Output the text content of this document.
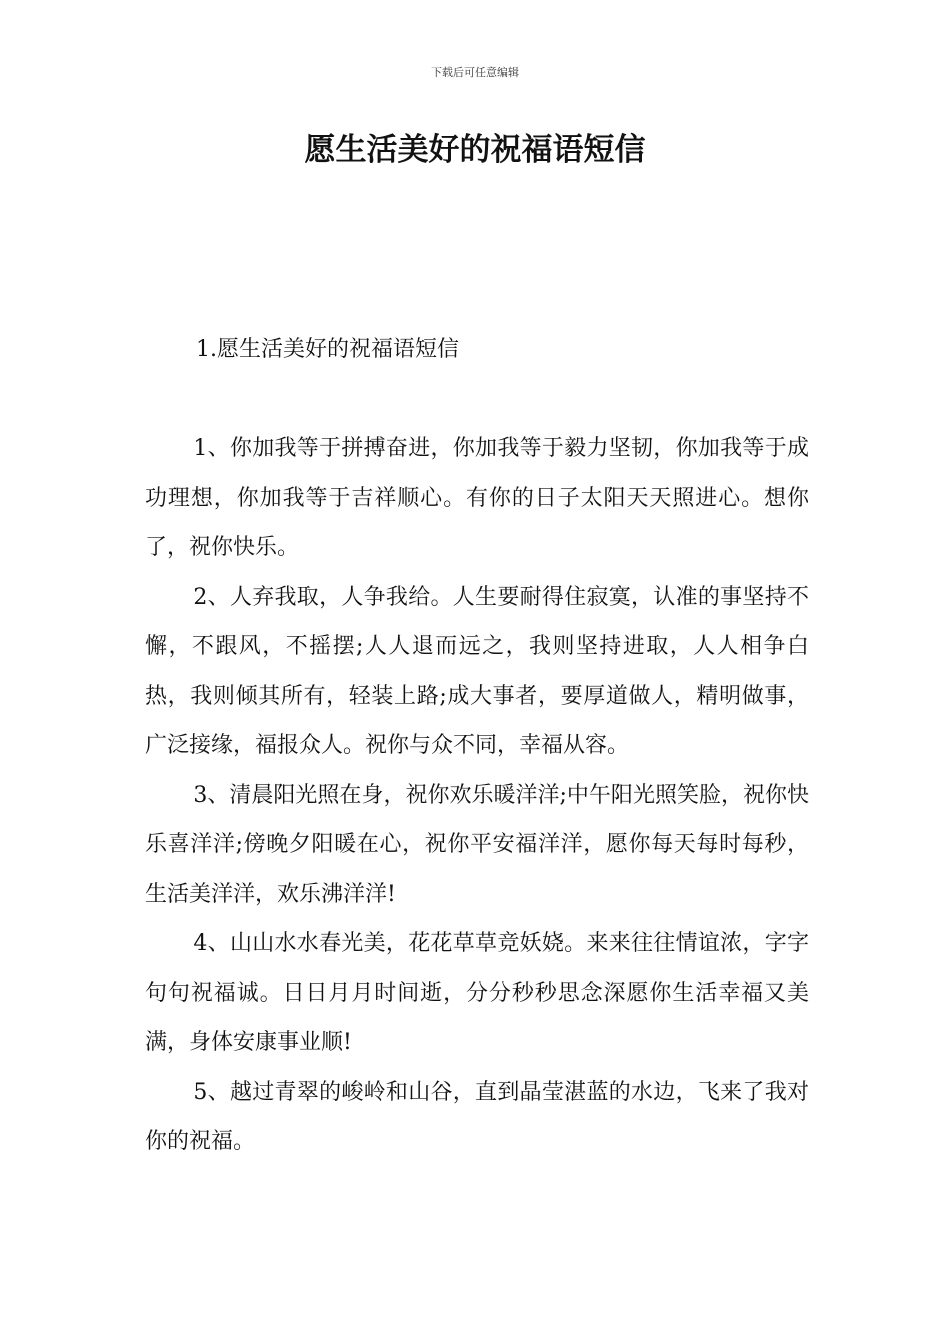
下载后可任意编辑
愿生活美好的祝福语短信
1.愿生活美好的祝福语短信

1、你加我等于拼搏奋进，你加我等于毅力坚韧，你加我等于成功理想，你加我等于吉祥顺心。有你的日子太阳天天照进心。想你了，祝你快乐。

2、人弃我取，人争我给。人生要耐得住寂寞，认准的事坚持不懈，不跟风，不摇摆;人人退而远之，我则坚持进取，人人相争白热，我则倾其所有，轻装上路;成大事者，要厚道做人，精明做事，广泛接缘，福报众人。祝你与众不同，幸福从容。

3、清晨阳光照在身，祝你欢乐暖洋洋;中午阳光照笑脸，祝你快乐喜洋洋;傍晚夕阳暖在心，祝你平安福洋洋，愿你每天每时每秒，生活美洋洋，欢乐沸洋洋!

4、山山水水春光美，花花草草竞妖娆。来来往往情谊浓，字字句句祝福诚。日日月月时间逝，分分秒秒思念深愿你生活幸福又美满，身体安康事业顺!

5、越过青翠的峻岭和山谷，直到晶莹湛蓝的水边，飞来了我对你的祝福。
